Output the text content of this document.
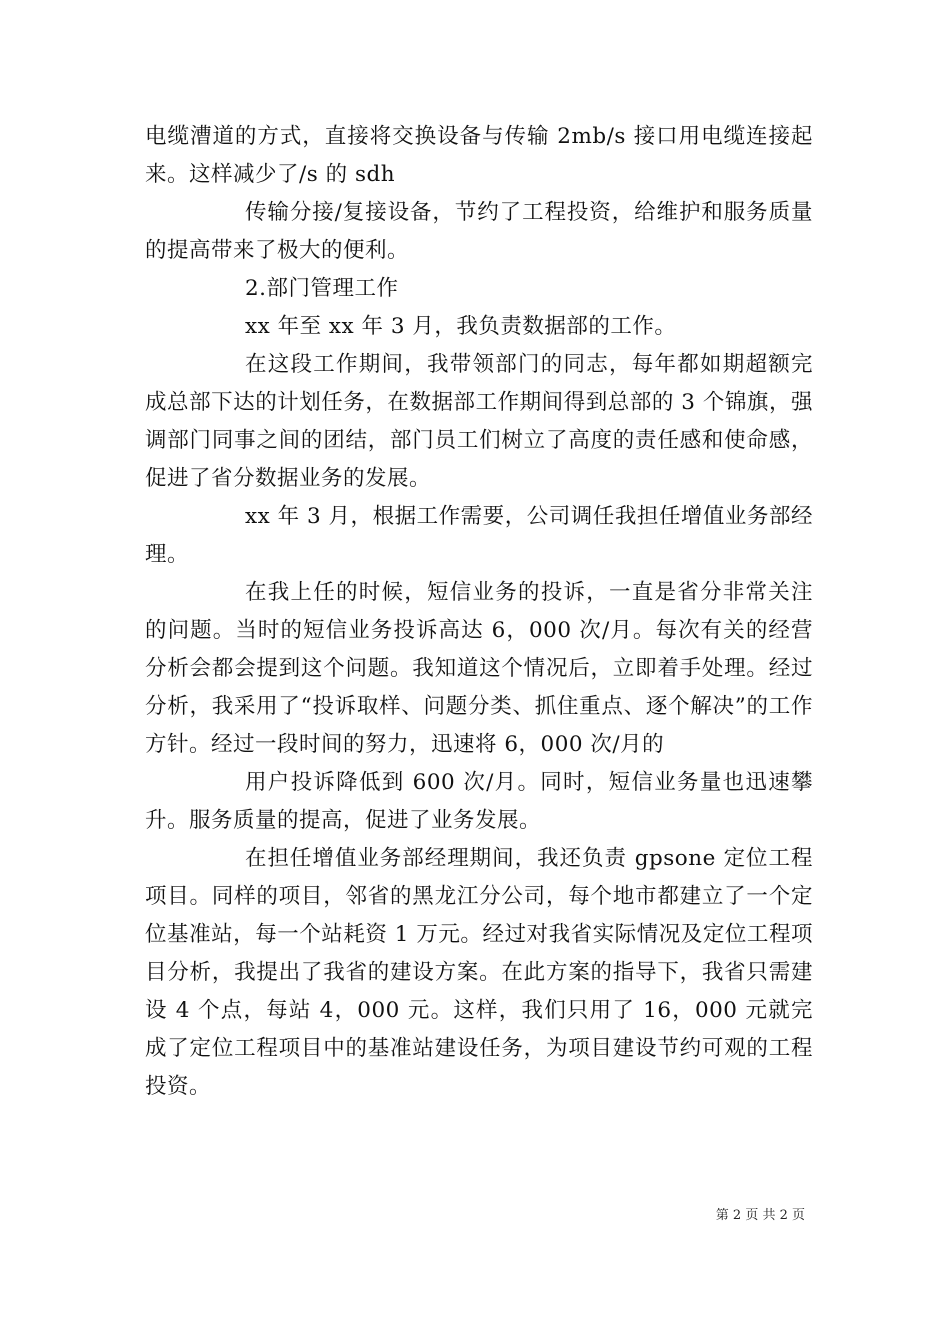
电缆漕道的方式，直接将交换设备与传输 2mb/s 接口用电缆连接起来。这样减少了/s 的 sdh

传输分接/复接设备，节约了工程投资，给维护和服务质量的提高带来了极大的便利。

2.部门管理工作

xx 年至 xx 年 3 月，我负责数据部的工作。

在这段工作期间，我带领部门的同志，每年都如期超额完成总部下达的计划任务，在数据部工作期间得到总部的 3 个锦旗，强调部门同事之间的团结，部门员工们树立了高度的责任感和使命感，促进了省分数据业务的发展。

xx 年 3 月，根据工作需要，公司调任我担任增值业务部经理。

在我上任的时候，短信业务的投诉，一直是省分非常关注的问题。当时的短信业务投诉高达 6，000 次/月。每次有关的经营分析会都会提到这个问题。我知道这个情况后，立即着手处理。经过分析，我采用了“投诉取样、问题分类、抓住重点、逐个解决”的工作方针。经过一段时间的努力，迅速将 6，000 次/月的

用户投诉降低到 600 次/月。同时，短信业务量也迅速攀升。服务质量的提高，促进了业务发展。

在担任增值业务部经理期间，我还负责 gpsone 定位工程项目。同样的项目，邻省的黑龙江分公司，每个地市都建立了一个定位基准站，每一个站耗资 1 万元。经过对我省实际情况及定位工程项目分析，我提出了我省的建设方案。在此方案的指导下，我省只需建设 4 个点，每站 4，000 元。这样，我们只用了 16，000 元就完成了定位工程项目中的基准站建设任务，为项目建设节约可观的工程投资。

第 2 页 共 2 页
